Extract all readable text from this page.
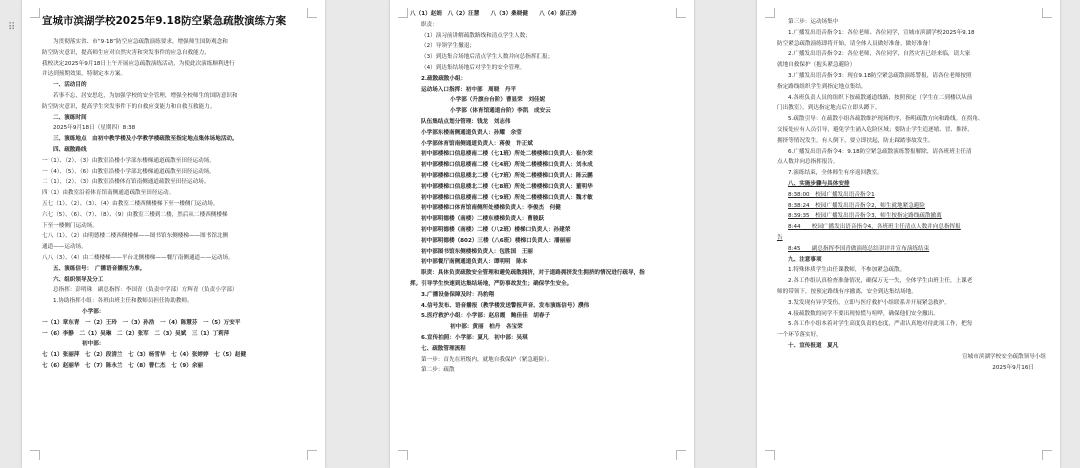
宣城市滨湖学校2025年9.18防空紧急疏散演练方案
为贯彻落实省、市“9·18”防空应急疏散演练要求，增强师生国防观念和
防空防灾意识，提高师生应对自然灾害和突发事件的应急自救能力，
我校决定2025年9月18日上午开展应急疏散演练活动，为使此次演练顺利进行
并达到预期效果，特制定本方案。
一、活动目的
若事不忘，居安思危，为加强学校的安全管理，增强全校师生的国防意识和
防空防灾意识，提高学生突发事件下的自救应变能力和自救互救能力。
二、演练时间
2025年9月18日（星期四）8:38
三、演练地点　由初中教学楼及小学教学楼疏散至指定地点集体场地活动。
四、疏散路线
一（1）、（2）、（3）由教室沿楼小学部东楼梯通道疏散至田径运动场。
一（4）、（5）、（6）由教室沿楼小学部北楼梯通道疏散至田径运动场。
二（1）、（2）、（3）由教室沿楼体育馆南侧通道疏散至田径运动场。
四（1）由教室沿着体育馆南侧通道疏散至田径运动。
五七（1）、（2）、（3）、（4）由教室二楼西侧楼梯下至一楼侧门运动场。
六七（5）、（6）、（7）、（8）、（9）由教室三楼到二楼，然后从二楼西侧楼梯
下至一楼侧门运动场。
七八（1）、（2）由明德楼二楼西侧楼梯——图书馆东侧楼梯——图书馆北侧
通道——运动场。
八八（3）、（4）由二楼楼梯——平台北侧楼梯——餐厅南侧通道——运动场。
五、演练信号：　广播语音播报为准。
六、组织领导及分工
总指挥：彭明珠　副总指挥：李国青（负责中学部）方辉青（负责小学部）
1.协助指挥小组：各班由班主任和教师员担任协助教师。
小学部：
一（1）章东青　一（2）王玲　一（3）孙浩　一（4）陈慧芬　一（5）万安平
一（6）李静　二（1）吴琳　二（2）张军　二（3）吴斌　三（1）丁莉萍
初中部：
七（1）张丽萍　七（2）段清兰　七（3）杨雪华　七（4）张婷婷　七（5）赵健
七（6）赵丽华　七（7）陈永兰　七（8）曹仁杰　七（9）余丽
⠿
八（1）赵娟　八（2）汪慧　　八（3）桑晓健　　八（4）彭正涛
职责：
（1）演习前讲解疏散路线和清点学生人数；
（2）导领学生撤退；
（3）到达集合场地后清点学生人数并向总指挥汇报；
（4）到达集结场地后对学生的安全管理。
2.疏散疏散小组：
运动场入口指挥：初中部　周晓　丹平
小学部（升旗台台阶）曹显荣　刘佳妮
小学部（体育馆通道台阶）李凯　成安云
队伍集结点划分管理：钱龙　刘志伟
小学部东楼南侧通道负责人：孙耀　余莹
小学部体育馆南侧通道负责人：蒋俊　许正斌
初中部楼梯口信息楼南二楼（七1班）所处二楼楼梯口负责人：崔尔荣
初中部楼梯口信息楼南二楼（七4班）所处二楼楼梯口负责人：刘永成
初中部楼梯口信息楼北二楼（七7班）所处二楼楼梯口负责人：陈云鹏
初中部楼梯口信息楼北二楼（七8班）所处二楼楼梯口负责人：董明华
初中部楼梯口信息楼南二楼（七9班）所处二楼楼梯口负责人：魏才敏
初中部楼梯口体育馆南侧所处楼梯负责人：李俊杰　何健
初中部明德楼（南楼）二楼东楼梯负责人：曹骏跃
初中部明德楼（南楼）二楼（八2班）楼梯口负责人：孙建荣
初中部明德楼（802）三楼（八6班）楼梯口负责人：潘丽丽
初中部图书馆东侧楼梯负责人：包胜国　王丽
初中部餐厅南侧通道负责人：谭明明　陈本
职责：具体负责疏散安全管理和避免疏散拥挤，对于道路拥挤发生拥挤的情况进行疏导，指
挥。引导学生快速到达集结场地，严防事故发生；确保学生安全。
3.广播设备保障及时：冯豹翔
4.信号发布、语音播报（教学楼发送警报声音、发布演练信号）濮伟
5.医疗救护小组：小学部：赵启霞　鲍佳佳　胡春子
初中部：黄丽　柏丹　各宝荣
6.宣传拍照：小学部：夏凡　初中部：吴琪
七、疏散管理流程
第一步：首先在班级内，就地自我保护（紧急避险）。
第二步：疏散
第三步：运动场集中
1.广播发出语音指令1：各位老师、各位同学，宣城市滨湖学校2025年9.18
防空紧急疏散演练即将开始，请全体人员做好准备，做好准备！
2.广播发出语音指令2：各位老师，各位同学，自然灾害已经来临，请大家
就地自救保护（抱头紧急避险）
3.广播发出语音指令3：现在9.18防空紧急疏散演练警报，请各位老师按照
指定路线组织学生到指定地点集结。
4.各班负责人员的组织下按疏散通道线路，按照预定（学生在二到楼以从前
门出教室），到达指定地点后立即头蹲下。
5.疏散引导：在疏散小组各疏散维护现场秩序，指明疏散方向和路线。在拐角、
交接处应有人员引导，避免学生涌入危险区域；要防止学生追逐嬉、冒、推挤、
拥挤等情况发生，有人倒下，要立即扶起，防止踩踏事故发生。
6.广播发出语音指令4：9.18防空紧急疏散演练警报解除，请各班班主任清
点人数并向总指挥报告。
7.演练结束，全体师生有序返回教室。
八、实施步骤与具体安排
8:38:00　校园广播发出语音指令1
8:38:24　校园广播发出语音指令2，师生就地紧急避险
8:39:35　校园广播发出语音指令3，师生按指定路线疏散撤离
8:44　　校园广播发出语音指令4，各班班主任清点人数并向总指挥报
告
8:45　　副总指挥李国青做演练总结讲评并宣布演练结束
九、注意事项
1.特殊体质学生由任课教师，不参加紧急疏散。
2.各工作组认真检查准备情况，确保万无一失，全体学生由班主任，上课老
师的带领下，按预定路线有序撤离，安全到达集结场地。
3.发发现有异学受伤，立即与医疗救护小组联系并开展紧急救护。
4.接疏散数的同学不要出现惊慌与喧哗，确保他们安全撤出。
5.各工作小组本着对学生高度负责的态度，严肃认真地对待此项工作，把每
一个环节落实好。
十、宣传报道　夏凡
宣城市滨湖学校安全疏散领导小组
2025年9月16日
